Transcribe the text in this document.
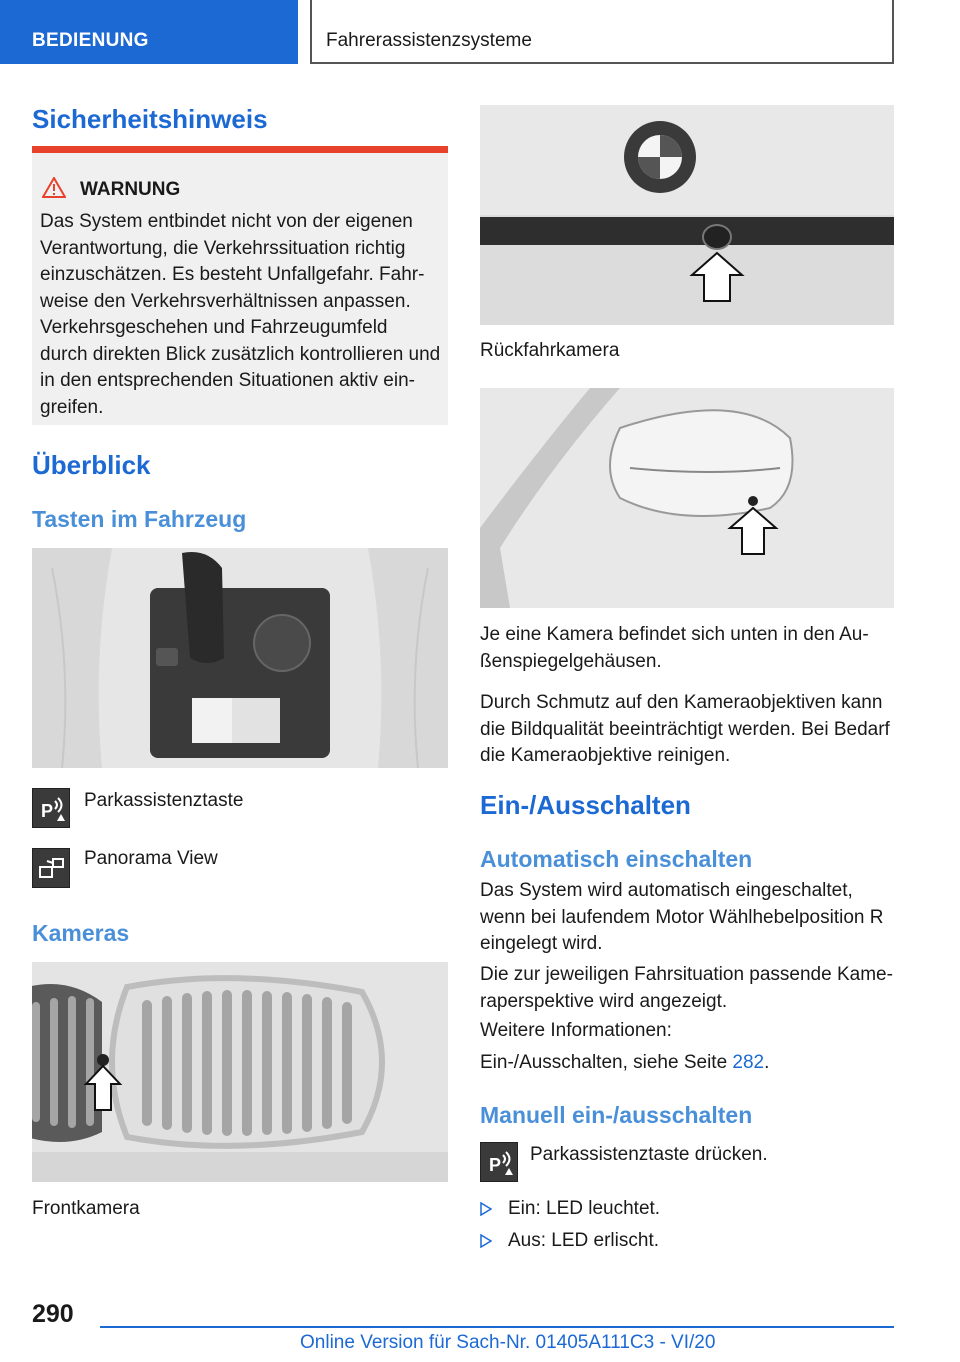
BEDIENUNG	Fahrerassistenzsysteme
Sicherheitshinweis
WARNUNG
Das System entbindet nicht von der eigenen
Verantwortung, die Verkehrssituation richtig
einzuschätzen. Es besteht Unfallgefahr. Fahr-
weise den Verkehrsverhältnissen anpassen.
Verkehrsgeschehen und Fahrzeugumfeld
durch direkten Blick zusätzlich kontrollieren und
in den entsprechenden Situationen aktiv ein-
greifen.
Überblick
Tasten im Fahrzeug
P Parkassistenztaste
Panorama View
Kameras
Frontkamera
Rückfahrkamera
Je eine Kamera befindet sich unten in den Au-
ßenspiegelgehäusen.
Durch Schmutz auf den Kameraobjektiven kann
die Bildqualität beeinträchtigt werden. Bei Bedarf
die Kameraobjektive reinigen.
Ein-/Ausschalten
Automatisch einschalten
Das System wird automatisch eingeschaltet,
wenn bei laufendem Motor Wählhebelposition R
eingelegt wird.
Die zur jeweiligen Fahrsituation passende Kame-
raperspektive wird angezeigt.
Weitere Informationen:
Ein-/Ausschalten, siehe Seite 282.
Manuell ein-/ausschalten
P Parkassistenztaste drücken.
Ein: LED leuchtet.
Aus: LED erlischt.
290
Online Version für Sach-Nr. 01405A111C3 - VI/20
